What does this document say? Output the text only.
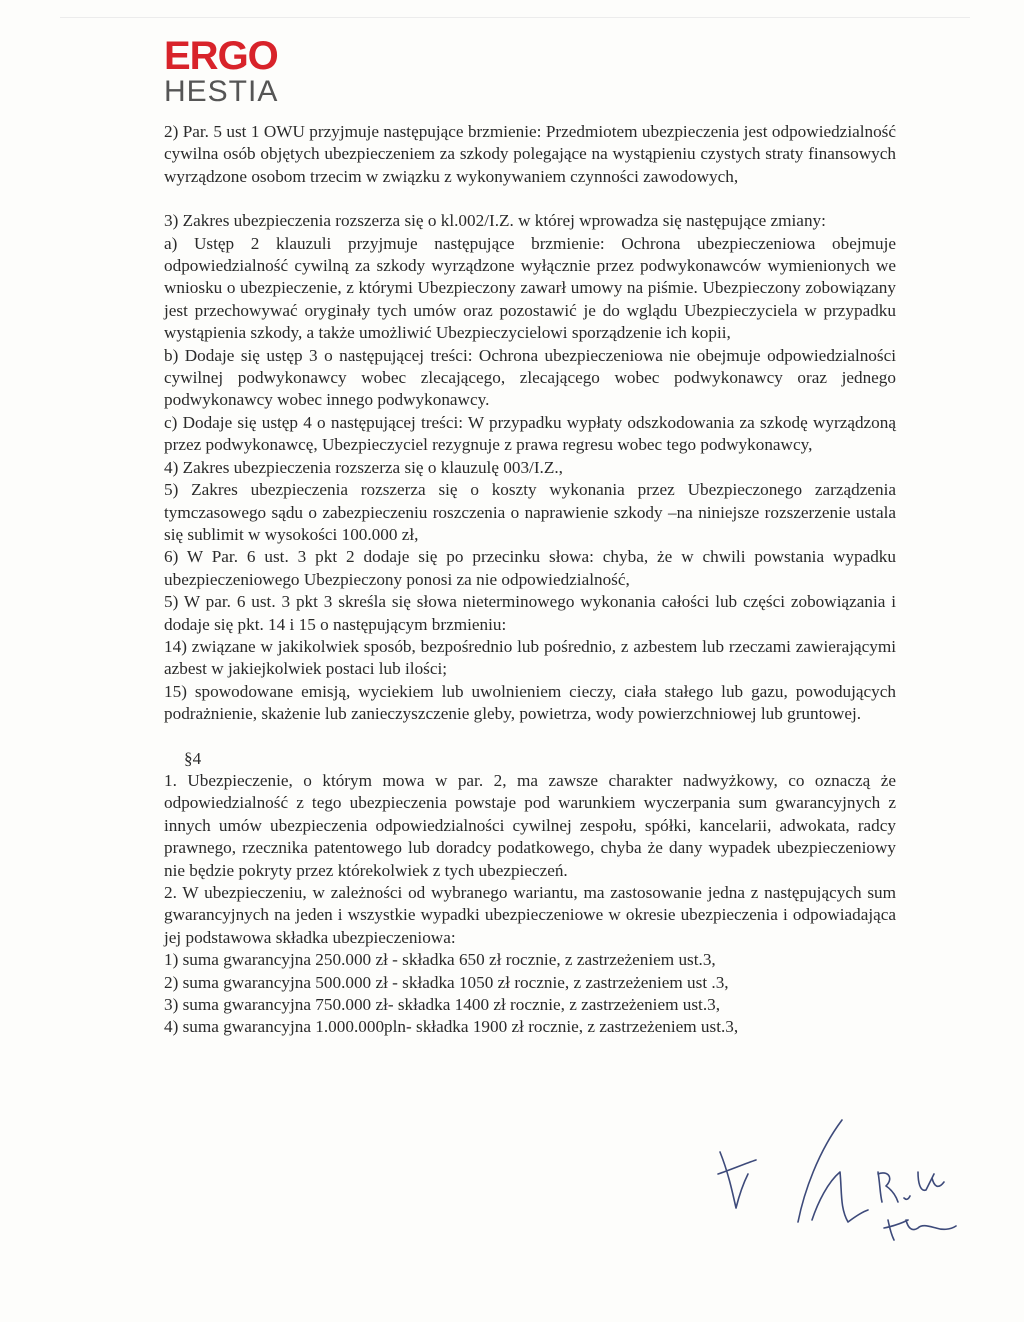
ERGO
HESTIA

2) Par. 5 ust 1 OWU przyjmuje następujące brzmienie: Przedmiotem ubezpieczenia jest odpowiedzialność cywilna osób objętych ubezpieczeniem za szkody polegające na wystąpieniu czystych straty finansowych wyrządzone osobom trzecim w związku z wykonywaniem czynności zawodowych,

3) Zakres ubezpieczenia rozszerza się o kl.002/I.Z. w której wprowadza się następujące zmiany:

a) Ustęp 2 klauzuli przyjmuje następujące brzmienie: Ochrona ubezpieczeniowa obejmuje odpowiedzialność cywilną za szkody wyrządzone wyłącznie przez podwykonawców wymienionych we wniosku o ubezpieczenie, z którymi Ubezpieczony zawarł umowy na piśmie. Ubezpieczony zobowiązany jest przechowywać oryginały tych umów oraz pozostawić je do wglądu Ubezpieczyciela w przypadku wystąpienia szkody, a także umożliwić Ubezpieczycielowi sporządzenie ich kopii,

b) Dodaje się ustęp 3 o następującej treści: Ochrona ubezpieczeniowa nie obejmuje odpowiedzialności cywilnej podwykonawcy wobec zlecającego, zlecającego wobec podwykonawcy oraz jednego podwykonawcy wobec innego podwykonawcy.

c) Dodaje się ustęp 4 o następującej treści: W przypadku wypłaty odszkodowania za szkodę wyrządzoną przez podwykonawcę, Ubezpieczyciel rezygnuje z prawa regresu wobec tego podwykonawcy,

4) Zakres ubezpieczenia rozszerza się o klauzulę 003/I.Z.,

5) Zakres ubezpieczenia rozszerza się o koszty wykonania przez Ubezpieczonego zarządzenia tymczasowego sądu o zabezpieczeniu roszczenia o naprawienie szkody –na niniejsze rozszerzenie ustala się sublimit w wysokości 100.000 zł,

6) W Par. 6 ust. 3 pkt 2 dodaje się po przecinku słowa: chyba, że w chwili powstania wypadku ubezpieczeniowego Ubezpieczony ponosi za nie odpowiedzialność,

5) W par. 6 ust. 3 pkt 3 skreśla się słowa nieterminowego wykonania całości lub części zobowiązania i dodaje się pkt. 14 i 15 o następującym brzmieniu:

14) związane w jakikolwiek sposób, bezpośrednio lub pośrednio, z azbestem lub rzeczami zawierającymi azbest w jakiejkolwiek postaci lub ilości;

15) spowodowane emisją, wyciekiem lub uwolnieniem cieczy, ciała stałego lub gazu, powodujących podrażnienie, skażenie lub zanieczyszczenie gleby, powietrza, wody powierzchniowej lub gruntowej.

§4

1. Ubezpieczenie, o którym mowa w par. 2, ma zawsze charakter nadwyżkowy, co oznaczą że odpowiedzialność z tego ubezpieczenia powstaje pod warunkiem wyczerpania sum gwarancyjnych z innych umów ubezpieczenia odpowiedzialności cywilnej zespołu, spółki, kancelarii, adwokata, radcy prawnego, rzecznika patentowego lub doradcy podatkowego, chyba że dany wypadek ubezpieczeniowy nie będzie pokryty przez którekolwiek z tych ubezpieczeń.

2. W ubezpieczeniu, w zależności od wybranego wariantu, ma zastosowanie jedna z następujących sum gwarancyjnych na jeden i wszystkie wypadki ubezpieczeniowe w okresie ubezpieczenia i odpowiadająca jej podstawowa składka ubezpieczeniowa:

1) suma gwarancyjna 250.000 zł - składka 650 zł rocznie, z zastrzeżeniem ust.3,

2) suma gwarancyjna 500.000 zł - składka 1050 zł rocznie, z zastrzeżeniem ust .3,

3) suma gwarancyjna 750.000 zł- składka 1400 zł rocznie, z zastrzeżeniem ust.3,

4) suma gwarancyjna 1.000.000pln- składka 1900 zł rocznie, z zastrzeżeniem ust.3,
